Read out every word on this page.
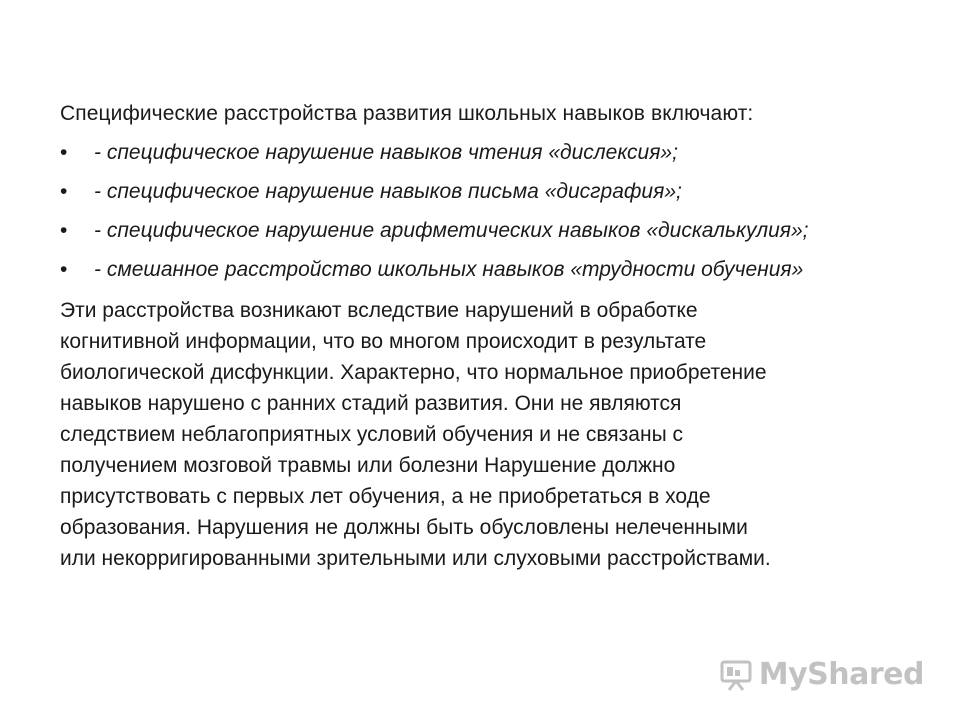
Специфические расстройства развития школьных навыков включают:

• - специфическое нарушение навыков чтения «дислексия»;
• - специфическое нарушение навыков письма «дисграфия»;
• - специфическое нарушение арифметических навыков «дискалькулия»;
• - смешанное расстройство школьных навыков «трудности обучения»

Эти расстройства возникают вследствие нарушений в обработке
когнитивной информации, что во многом происходит в результате
биологической дисфункции. Характерно, что нормальное приобретение
навыков нарушено с ранних стадий развития. Они не являются
следствием неблагоприятных условий обучения и не связаны с
получением мозговой травмы или болезни Нарушение должно
присутствовать с первых лет обучения, а не приобретаться в ходе
образования. Нарушения не должны быть обусловлены нелеченными
или некорригированными зрительными или слуховыми расстройствами.

MyShared
